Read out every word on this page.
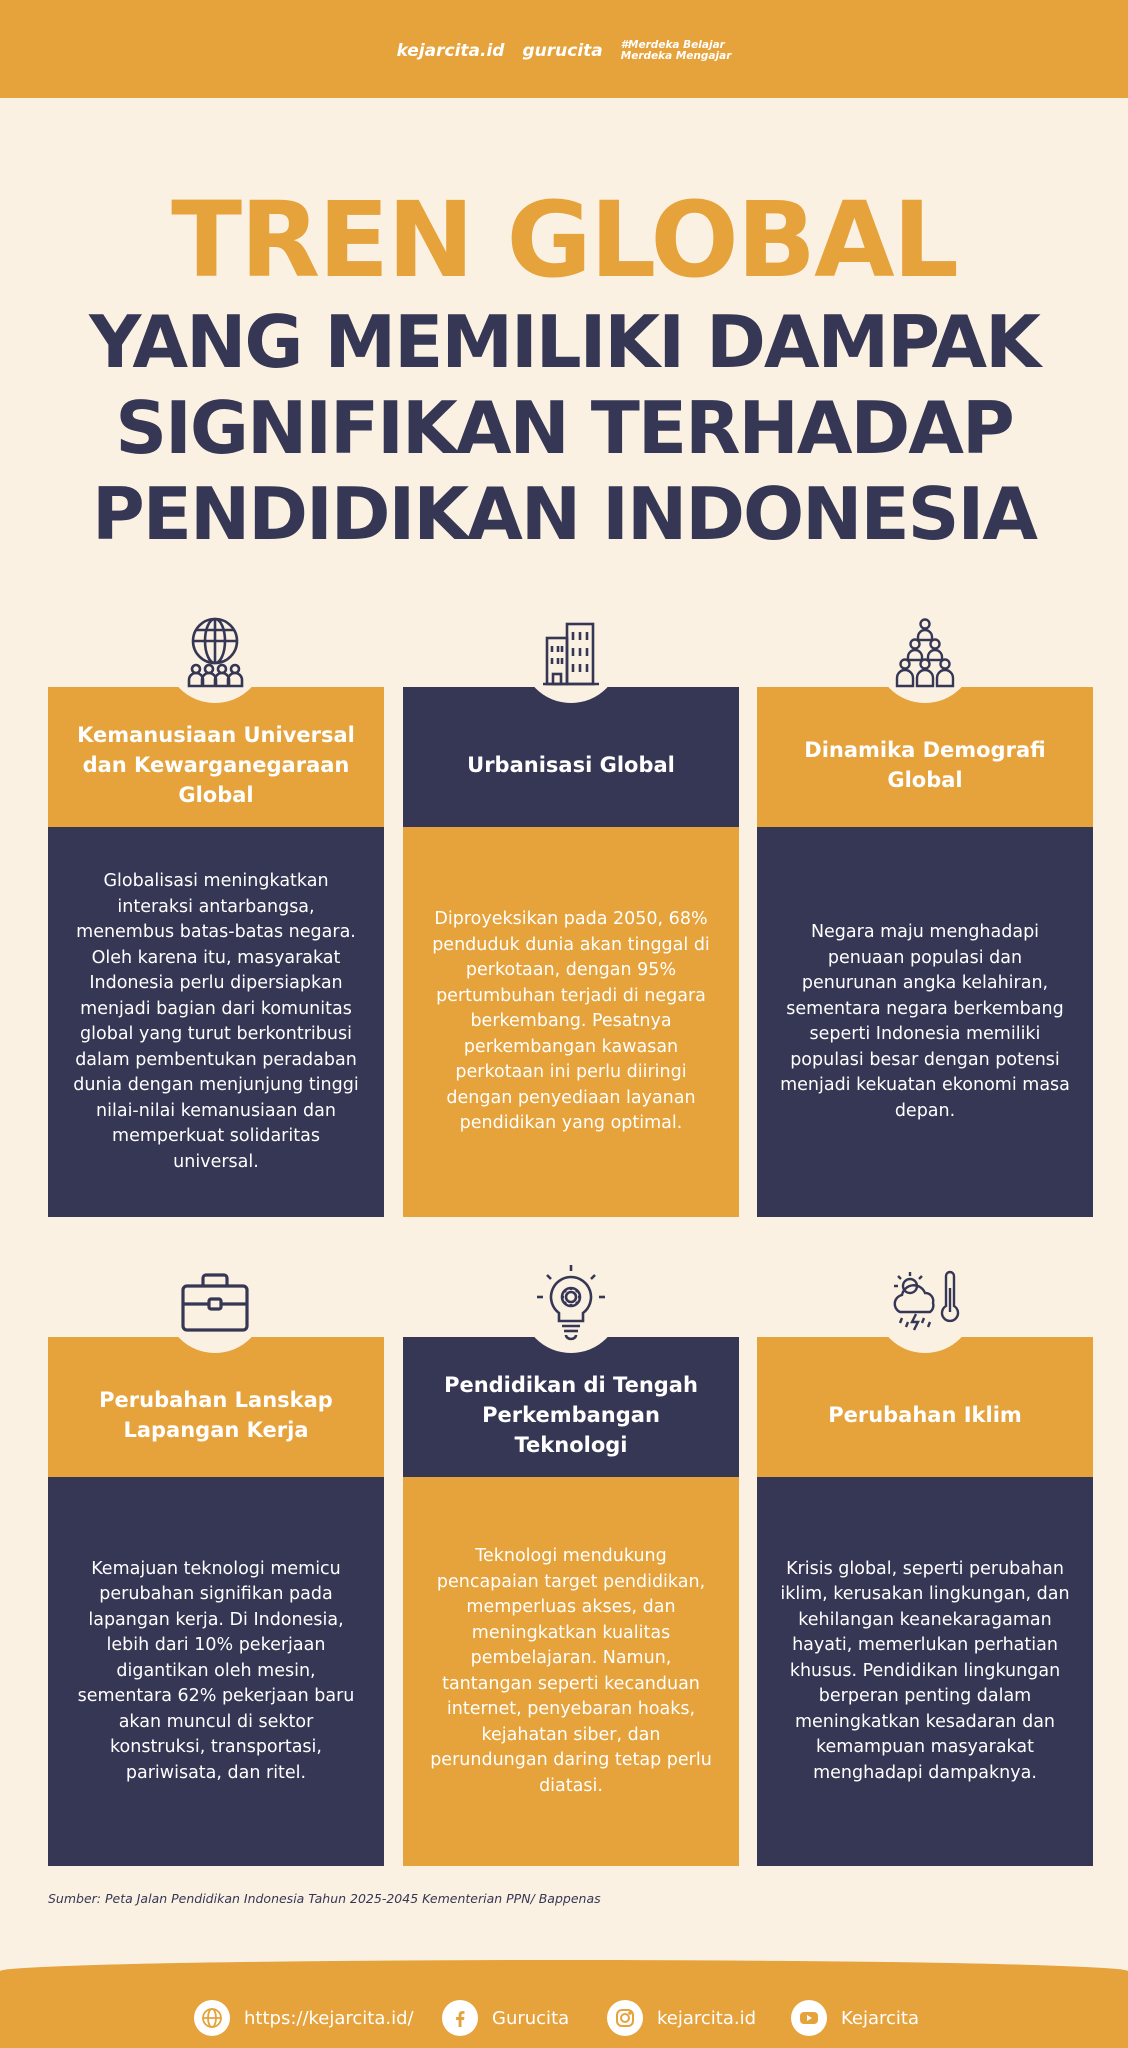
kejarcita.id gurucita #Merdeka Belajar
Merdeka Mengajar
TREN GLOBAL
YANG MEMILIKI DAMPAK
SIGNIFIKAN TERHADAP
PENDIDIKAN INDONESIA
Kemanusiaan Universal dan Kewarganegaraan Global
Globalisasi meningkatkan interaksi antarbangsa, menembus batas-batas negara. Oleh karena itu, masyarakat Indonesia perlu dipersiapkan menjadi bagian dari komunitas global yang turut berkontribusi dalam pembentukan peradaban dunia dengan menjunjung tinggi nilai-nilai kemanusiaan dan memperkuat solidaritas universal.
Urbanisasi Global
Diproyeksikan pada 2050, 68% penduduk dunia akan tinggal di perkotaan, dengan 95% pertumbuhan terjadi di negara berkembang. Pesatnya perkembangan kawasan perkotaan ini perlu diiringi dengan penyediaan layanan pendidikan yang optimal.
Dinamika Demografi Global
Negara maju menghadapi penuaan populasi dan penurunan angka kelahiran, sementara negara berkembang seperti Indonesia memiliki populasi besar dengan potensi menjadi kekuatan ekonomi masa depan.
Perubahan Lanskap Lapangan Kerja
Kemajuan teknologi memicu perubahan signifikan pada lapangan kerja. Di Indonesia, lebih dari 10% pekerjaan digantikan oleh mesin, sementara 62% pekerjaan baru akan muncul di sektor konstruksi, transportasi, pariwisata, dan ritel.
Pendidikan di Tengah Perkembangan Teknologi
Teknologi mendukung pencapaian target pendidikan, memperluas akses, dan meningkatkan kualitas pembelajaran. Namun, tantangan seperti kecanduan internet, penyebaran hoaks, kejahatan siber, dan perundungan daring tetap perlu diatasi.
Perubahan Iklim
Krisis global, seperti perubahan iklim, kerusakan lingkungan, dan kehilangan keanekaragaman hayati, memerlukan perhatian khusus. Pendidikan lingkungan berperan penting dalam meningkatkan kesadaran dan kemampuan masyarakat menghadapi dampaknya.
Sumber: Peta Jalan Pendidikan Indonesia Tahun 2025-2045 Kementerian PPN/ Bappenas
https://kejarcita.id/	Gurucita	kejarcita.id	Kejarcita
